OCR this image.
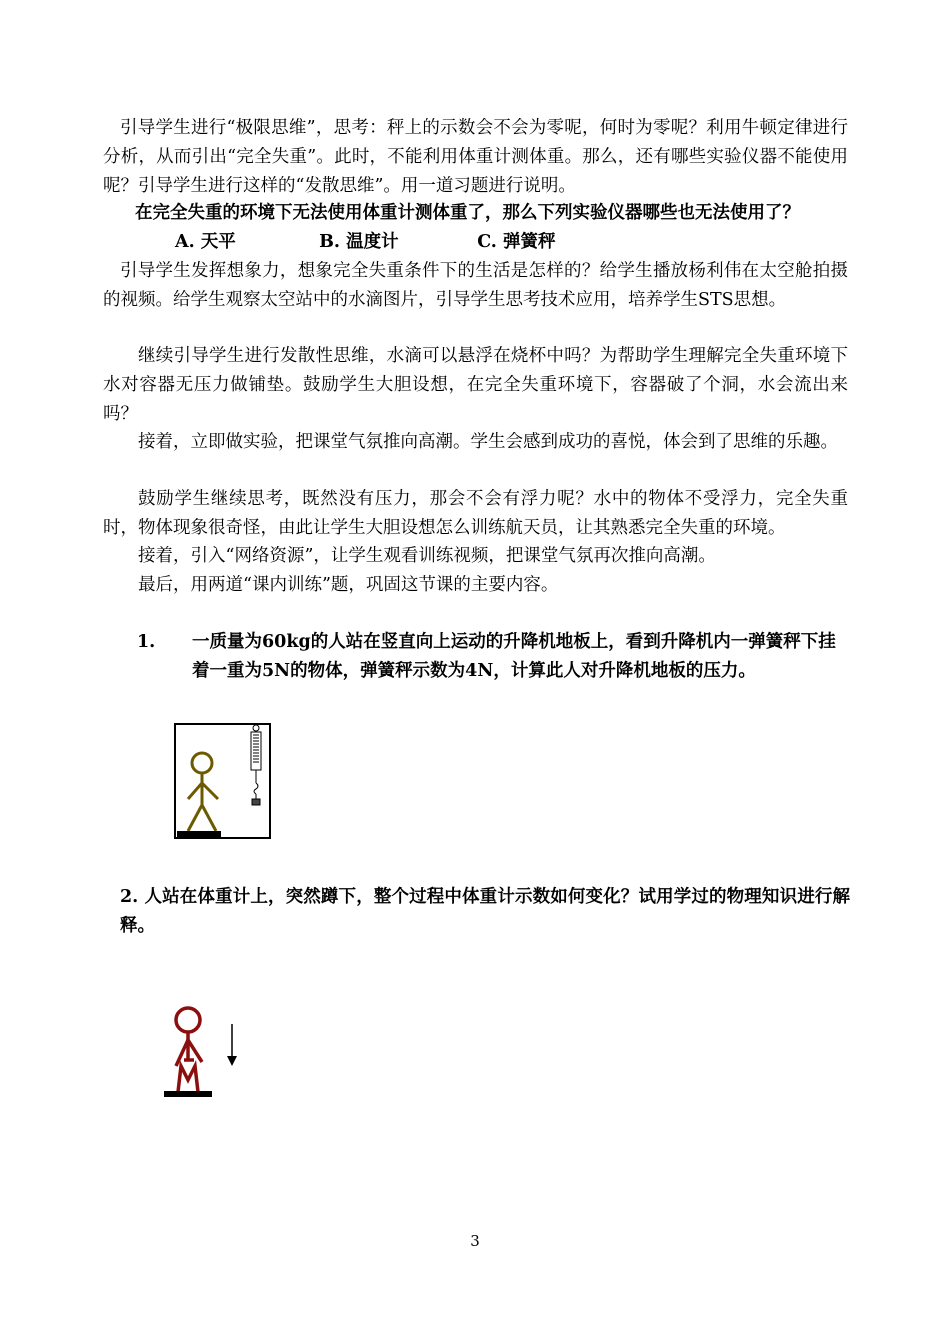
引导学生进行“极限思维”，思考：秤上的示数会不会为零呢，何时为零呢？利用牛顿定律进行分析，从而引出“完全失重”。此时，不能利用体重计测体重。那么，还有哪些实验仪器不能使用呢？引导学生进行这样的“发散思维”。用一道习题进行说明。

在完全失重的环境下无法使用体重计测体重了，那么下列实验仪器哪些也无法使用了？

A. 天平	B. 温度计	C. 弹簧秤

引导学生发挥想象力，想象完全失重条件下的生活是怎样的？给学生播放杨利伟在太空舱拍摄的视频。给学生观察太空站中的水滴图片，引导学生思考技术应用，培养学生STS思想。

继续引导学生进行发散性思维，水滴可以悬浮在烧杯中吗？为帮助学生理解完全失重环境下水对容器无压力做铺垫。鼓励学生大胆设想，在完全失重环境下，容器破了个洞，水会流出来吗？

接着，立即做实验，把课堂气氛推向高潮。学生会感到成功的喜悦，体会到了思维的乐趣。

鼓励学生继续思考，既然没有压力，那会不会有浮力呢？水中的物体不受浮力，完全失重时，物体现象很奇怪，由此让学生大胆设想怎么训练航天员，让其熟悉完全失重的环境。

接着，引入“网络资源”，让学生观看训练视频，把课堂气氛再次推向高潮。

最后，用两道“课内训练”题，巩固这节课的主要内容。

1. 一质量为60kg的人站在竖直向上运动的升降机地板上，看到升降机内一弹簧秤下挂着一重为5N的物体，弹簧秤示数为4N，计算此人对升降机地板的压力。

2. 人站在体重计上，突然蹲下，整个过程中体重计示数如何变化？试用学过的物理知识进行解释。

3
